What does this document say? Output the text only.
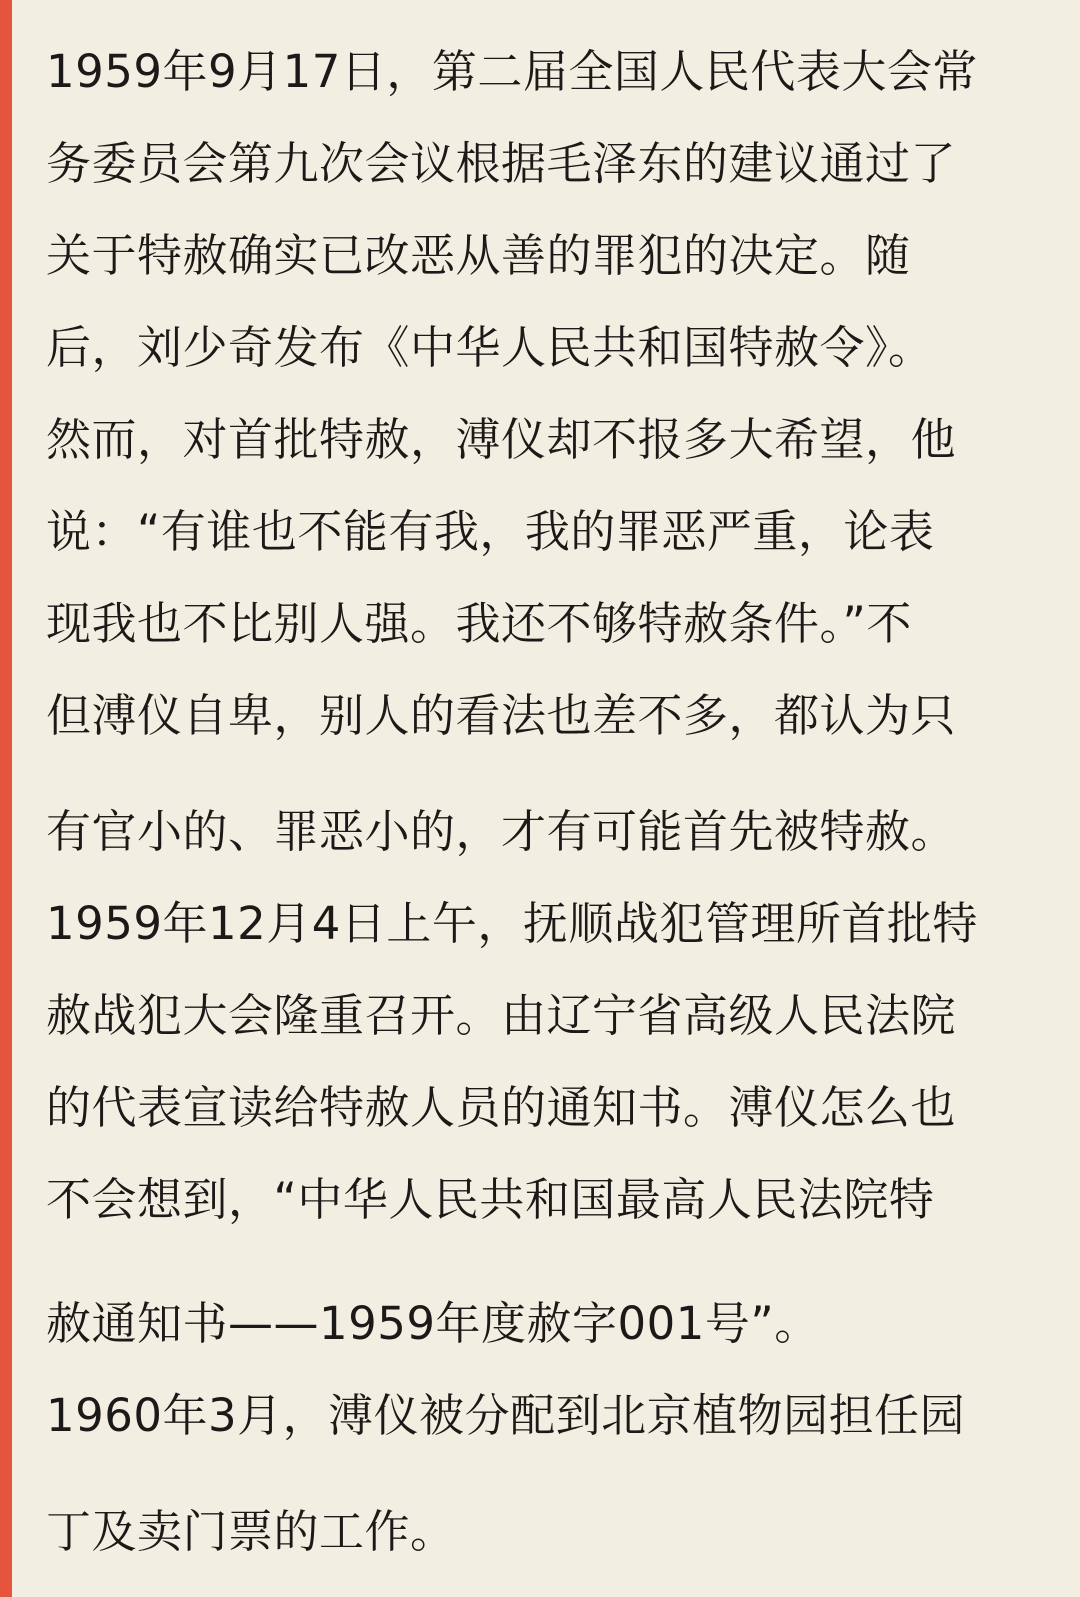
1959年9月17日，第二届全国人民代表大会常
务委员会第九次会议根据毛泽东的建议通过了
关于特赦确实已改恶从善的罪犯的决定。随
后，刘少奇发布《中华人民共和国特赦令》。
然而，对首批特赦，溥仪却不报多大希望，他
说：“有谁也不能有我，我的罪恶严重，论表
现我也不比别人强。我还不够特赦条件。”不
但溥仪自卑，别人的看法也差不多，都认为只
有官小的、罪恶小的，才有可能首先被特赦。
1959年12月4日上午，抚顺战犯管理所首批特
赦战犯大会隆重召开。由辽宁省高级人民法院
的代表宣读给特赦人员的通知书。溥仪怎么也
不会想到，“中华人民共和国最高人民法院特
赦通知书——1959年度赦字001号”。
1960年3月，溥仪被分配到北京植物园担任园
丁及卖门票的工作。
